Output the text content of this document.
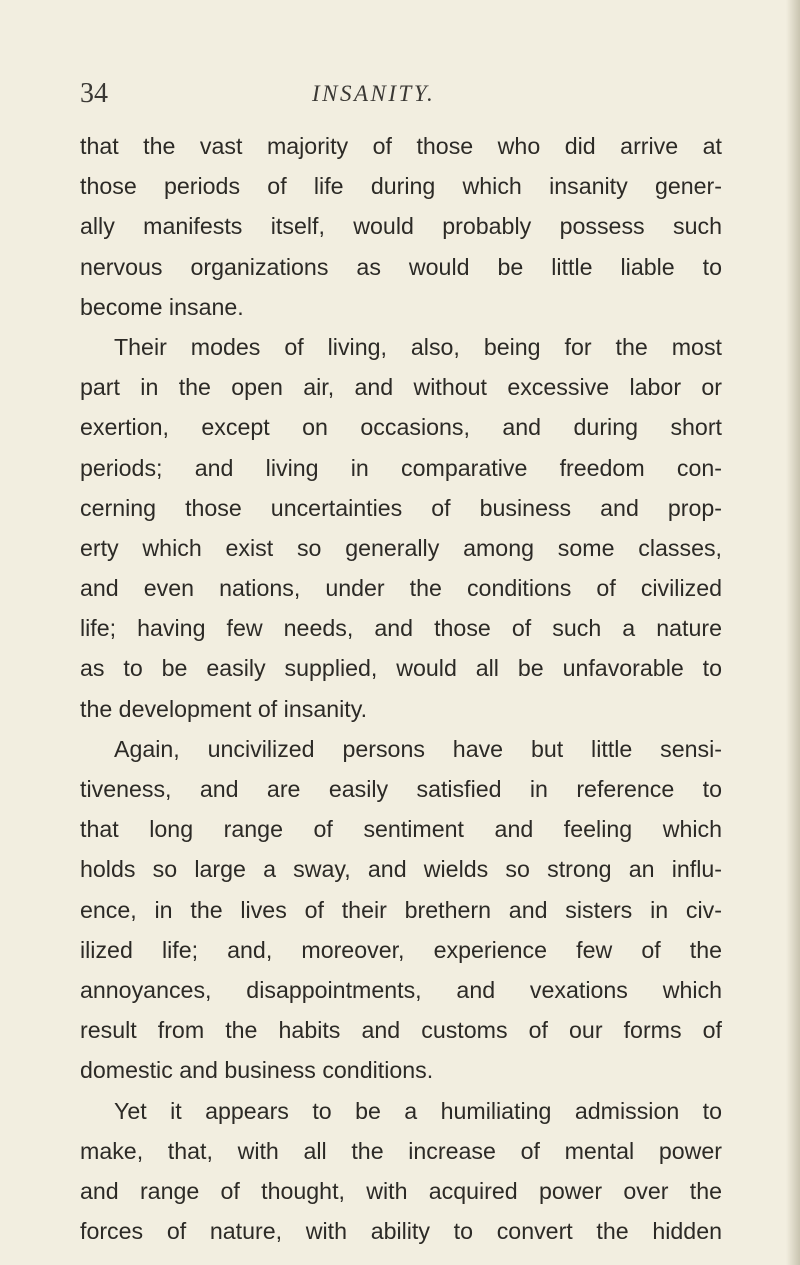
34	INSANITY.
that the vast majority of those who did arrive at
those periods of life during which insanity gener-
ally manifests itself, would probably possess such
nervous organizations as would be little liable to
become insane.
Their modes of living, also, being for the most
part in the open air, and without excessive labor or
exertion, except on occasions, and during short
periods; and living in comparative freedom con-
cerning those uncertainties of business and prop-
erty which exist so generally among some classes,
and even nations, under the conditions of civilized
life; having few needs, and those of such a nature
as to be easily supplied, would all be unfavorable to
the development of insanity.
Again, uncivilized persons have but little sensi-
tiveness, and are easily satisfied in reference to
that long range of sentiment and feeling which
holds so large a sway, and wields so strong an influ-
ence, in the lives of their brethern and sisters in civ-
ilized life; and, moreover, experience few of the
annoyances, disappointments, and vexations which
result from the habits and customs of our forms of
domestic and business conditions.
Yet it appears to be a humiliating admission to
make, that, with all the increase of mental power
and range of thought, with acquired power over the
forces of nature, with ability to convert the hidden
